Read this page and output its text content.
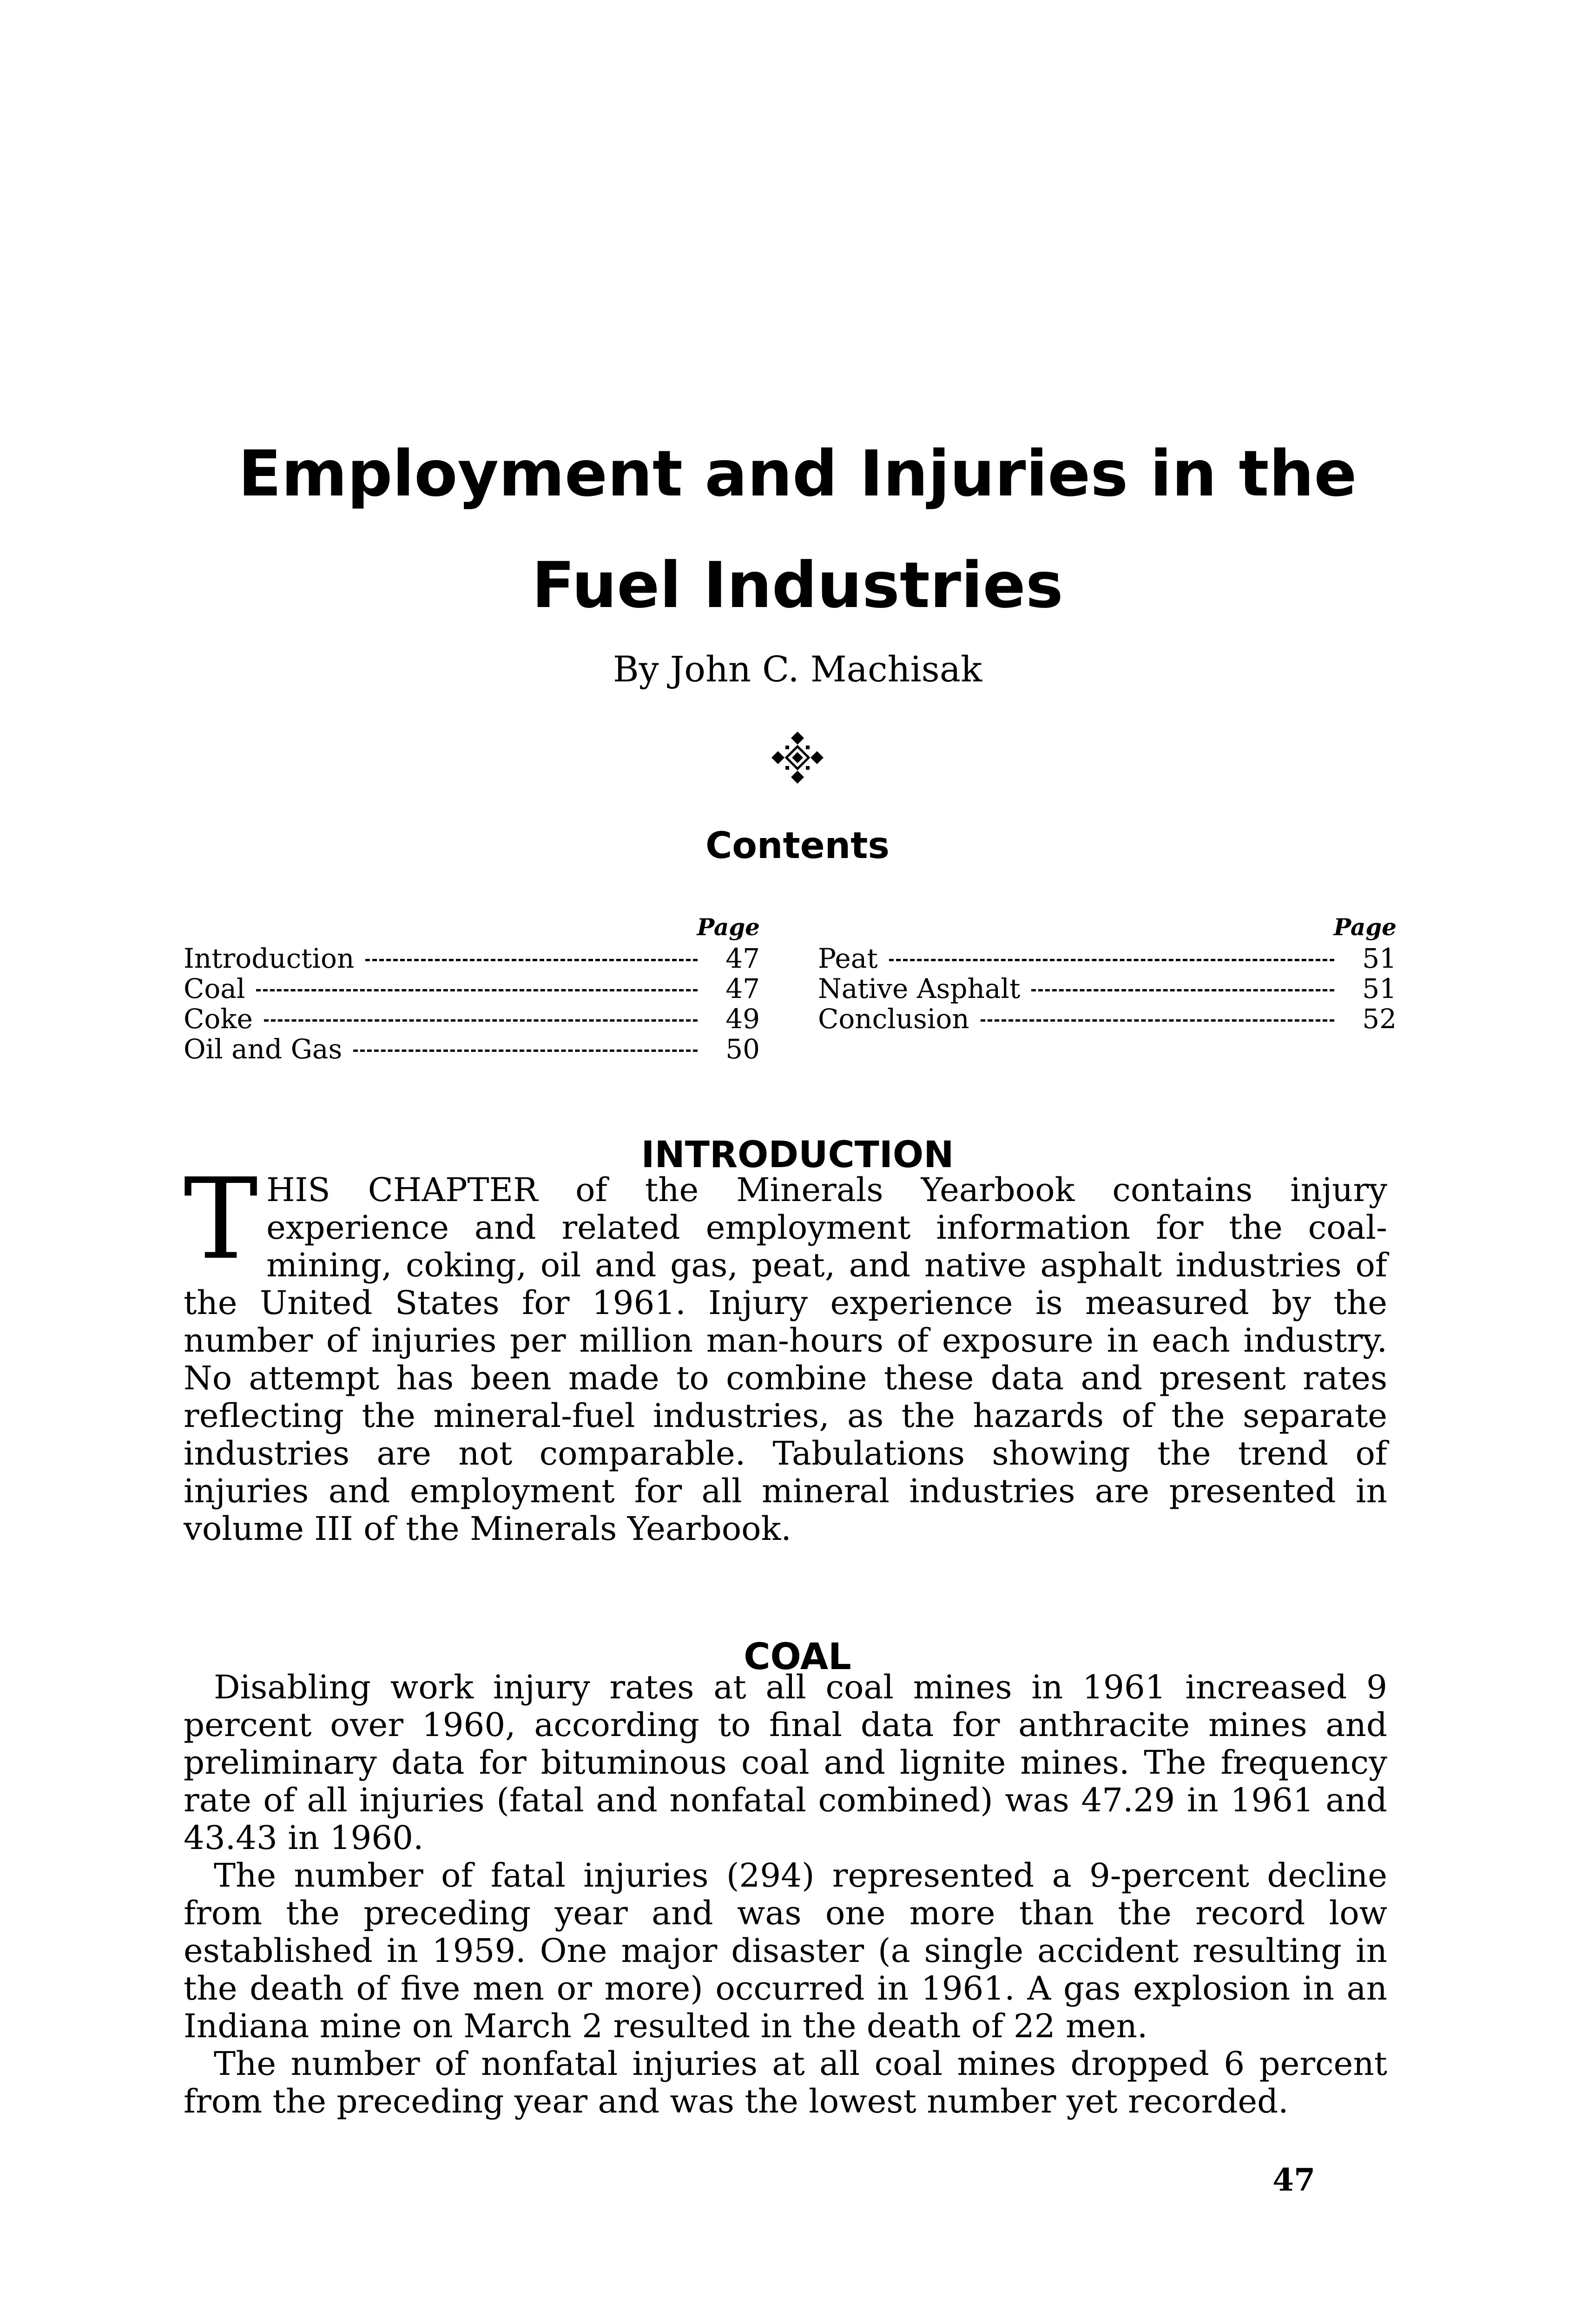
Employment and Injuries in the
Fuel Industries
By John C. Machisak
Contents
Page
Introduction	47
Coal	47
Coke	49
Oil and Gas	50
Page
Peat	51
Native Asphalt	51
Conclusion	52
INTRODUCTION

THIS CHAPTER of the Minerals Yearbook contains injury experience and related employment information for the coal-mining, coking, oil and gas, peat, and native asphalt industries of the United States for 1961. Injury experience is measured by the number of injuries per million man-hours of exposure in each industry. No attempt has been made to combine these data and present rates reflecting the mineral-fuel industries, as the hazards of the separate industries are not comparable. Tabulations showing the trend of injuries and employment for all mineral industries are presented in volume III of the Minerals Yearbook.

COAL

Disabling work injury rates at all coal mines in 1961 increased 9 percent over 1960, according to final data for anthracite mines and preliminary data for bituminous coal and lignite mines. The frequency rate of all injuries (fatal and nonfatal combined) was 47.29 in 1961 and 43.43 in 1960.

The number of fatal injuries (294) represented a 9-percent decline from the preceding year and was one more than the record low established in 1959. One major disaster (a single accident resulting in the death of five men or more) occurred in 1961. A gas explosion in an Indiana mine on March 2 resulted in the death of 22 men.

The number of nonfatal injuries at all coal mines dropped 6 percent from the preceding year and was the lowest number yet recorded.

47
